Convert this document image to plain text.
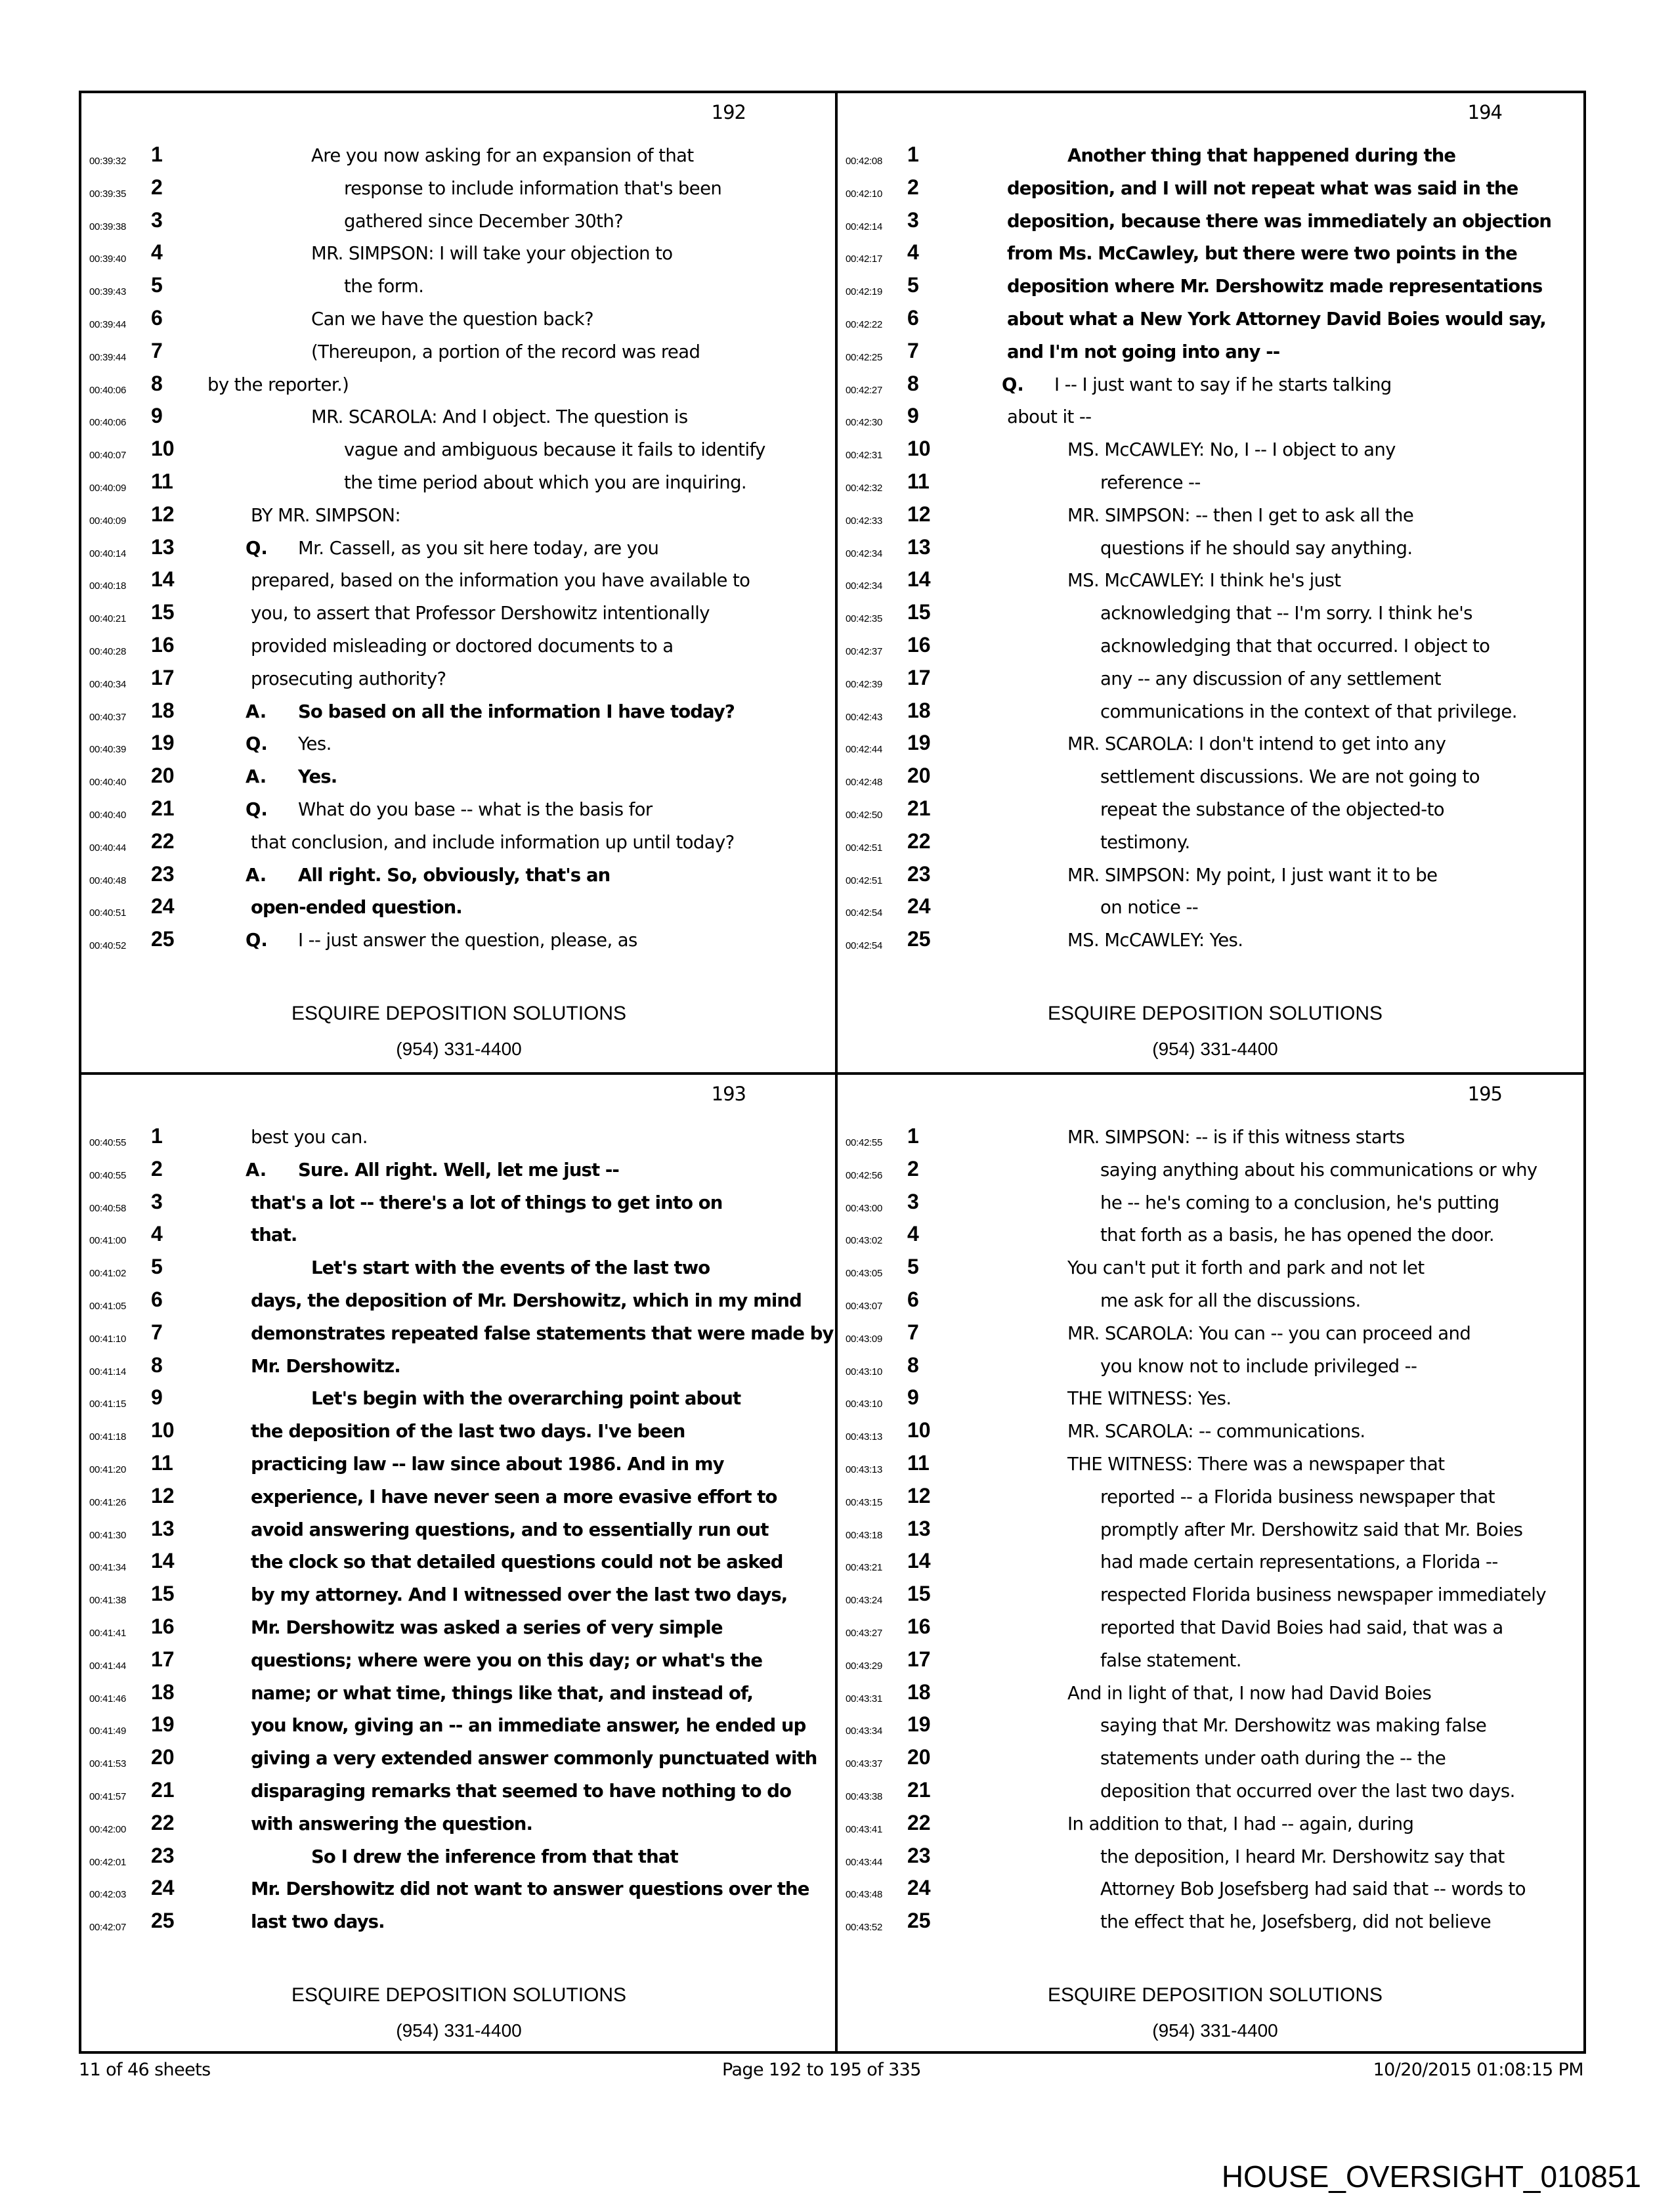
192
00:39:32 1	Are you now asking for an expansion of that
00:39:35 2	response to include information that's been
00:39:38 3	gathered since December 30th?
00:39:40 4	MR. SIMPSON: I will take your objection to
00:39:43 5	the form.
00:39:44 6	Can we have the question back?
00:39:44 7	(Thereupon, a portion of the record was read
00:40:06 8	by the reporter.)
00:40:06 9	MR. SCAROLA: And I object. The question is
00:40:07 10	vague and ambiguous because it fails to identify
00:40:09 11	the time period about which you are inquiring.
00:40:09 12	BY MR. SIMPSON:
00:40:14 13	Q. Mr. Cassell, as you sit here today, are you
00:40:18 14	prepared, based on the information you have available to
00:40:21 15	you, to assert that Professor Dershowitz intentionally
00:40:28 16	provided misleading or doctored documents to a
00:40:34 17	prosecuting authority?
00:40:37 18	A. So based on all the information I have today?
00:40:39 19	Q. Yes.
00:40:40 20	A. Yes.
00:40:40 21	Q. What do you base -- what is the basis for
00:40:44 22	that conclusion, and include information up until today?
00:40:48 23	A. All right. So, obviously, that's an
00:40:51 24	open-ended question.
00:40:52 25	Q. I -- just answer the question, please, as
ESQUIRE DEPOSITION SOLUTIONS
(954) 331-4400
194
00:42:08 1	Another thing that happened during the
00:42:10 2	deposition, and I will not repeat what was said in the
00:42:14 3	deposition, because there was immediately an objection
00:42:17 4	from Ms. McCawley, but there were two points in the
00:42:19 5	deposition where Mr. Dershowitz made representations
00:42:22 6	about what a New York Attorney David Boies would say,
00:42:25 7	and I'm not going into any --
00:42:27 8	Q. I -- I just want to say if he starts talking
00:42:30 9	about it --
00:42:31 10	MS. McCAWLEY: No, I -- I object to any
00:42:32 11	reference --
00:42:33 12	MR. SIMPSON: -- then I get to ask all the
00:42:34 13	questions if he should say anything.
00:42:34 14	MS. McCAWLEY: I think he's just
00:42:35 15	acknowledging that -- I'm sorry. I think he's
00:42:37 16	acknowledging that that occurred. I object to
00:42:39 17	any -- any discussion of any settlement
00:42:43 18	communications in the context of that privilege.
00:42:44 19	MR. SCAROLA: I don't intend to get into any
00:42:48 20	settlement discussions. We are not going to
00:42:50 21	repeat the substance of the objected-to
00:42:51 22	testimony.
00:42:51 23	MR. SIMPSON: My point, I just want it to be
00:42:54 24	on notice --
00:42:54 25	MS. McCAWLEY: Yes.
ESQUIRE DEPOSITION SOLUTIONS
(954) 331-4400
193
00:40:55 1	best you can.
00:40:55 2	A. Sure. All right. Well, let me just --
00:40:58 3	that's a lot -- there's a lot of things to get into on
00:41:00 4	that.
00:41:02 5	Let's start with the events of the last two
00:41:05 6	days, the deposition of Mr. Dershowitz, which in my mind
00:41:10 7	demonstrates repeated false statements that were made by
00:41:14 8	Mr. Dershowitz.
00:41:15 9	Let's begin with the overarching point about
00:41:18 10	the deposition of the last two days. I've been
00:41:20 11	practicing law -- law since about 1986. And in my
00:41:26 12	experience, I have never seen a more evasive effort to
00:41:30 13	avoid answering questions, and to essentially run out
00:41:34 14	the clock so that detailed questions could not be asked
00:41:38 15	by my attorney. And I witnessed over the last two days,
00:41:41 16	Mr. Dershowitz was asked a series of very simple
00:41:44 17	questions; where were you on this day; or what's the
00:41:46 18	name; or what time, things like that, and instead of,
00:41:49 19	you know, giving an -- an immediate answer, he ended up
00:41:53 20	giving a very extended answer commonly punctuated with
00:41:57 21	disparaging remarks that seemed to have nothing to do
00:42:00 22	with answering the question.
00:42:01 23	So I drew the inference from that that
00:42:03 24	Mr. Dershowitz did not want to answer questions over the
00:42:07 25	last two days.
ESQUIRE DEPOSITION SOLUTIONS
(954) 331-4400
195
00:42:55 1	MR. SIMPSON: -- is if this witness starts
00:42:56 2	saying anything about his communications or why
00:43:00 3	he -- he's coming to a conclusion, he's putting
00:43:02 4	that forth as a basis, he has opened the door.
00:43:05 5	You can't put it forth and park and not let
00:43:07 6	me ask for all the discussions.
00:43:09 7	MR. SCAROLA: You can -- you can proceed and
00:43:10 8	you know not to include privileged --
00:43:10 9	THE WITNESS: Yes.
00:43:13 10	MR. SCAROLA: -- communications.
00:43:13 11	THE WITNESS: There was a newspaper that
00:43:15 12	reported -- a Florida business newspaper that
00:43:18 13	promptly after Mr. Dershowitz said that Mr. Boies
00:43:21 14	had made certain representations, a Florida --
00:43:24 15	respected Florida business newspaper immediately
00:43:27 16	reported that David Boies had said, that was a
00:43:29 17	false statement.
00:43:31 18	And in light of that, I now had David Boies
00:43:34 19	saying that Mr. Dershowitz was making false
00:43:37 20	statements under oath during the -- the
00:43:38 21	deposition that occurred over the last two days.
00:43:41 22	In addition to that, I had -- again, during
00:43:44 23	the deposition, I heard Mr. Dershowitz say that
00:43:48 24	Attorney Bob Josefsberg had said that -- words to
00:43:52 25	the effect that he, Josefsberg, did not believe
ESQUIRE DEPOSITION SOLUTIONS
(954) 331-4400
11 of 46 sheets	Page 192 to 195 of 335	10/20/2015 01:08:15 PM
HOUSE_OVERSIGHT_010851
